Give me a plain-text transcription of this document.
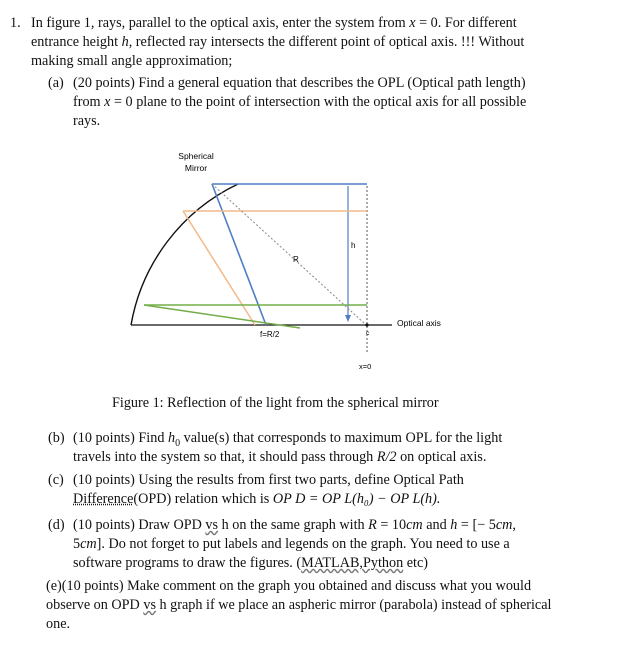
1. In figure 1, rays, parallel to the optical axis, enter the system from x = 0. For different
entrance height h, reflected ray intersects the different point of optical axis. !!! Without
making small angle approximation;
(a) (20 points) Find a general equation that describes the OPL (Optical path length)
from x = 0 plane to the point of intersection with the optical axis for all possible
rays.
Spherical
Mirror
R
h
Optical axis
f=R/2	c
x=0
Figure 1: Reflection of the light from the spherical mirror
(b) (10 points) Find $h_0$ value(s) that corresponds to maximum OPL for the light
travels into the system so that, it should pass through R/2 on optical axis.
(c) (10 points) Using the results from first two parts, define Optical Path
Difference(OPD) relation which is OP D = OP L(h₀) − OP L(h).
(d) (10 points) Draw OPD vs h on the same graph with R = 10cm and h = [− 5cm,
5cm]. Do not forget to put labels and legends on the graph. You need to use a
software programs to draw the figures. (MATLAB,Python etc)
(e)(10 points) Make comment on the graph you obtained and discuss what you would
observe on OPD vs h graph if we place an aspheric mirror (parabola) instead of spherical
one.
